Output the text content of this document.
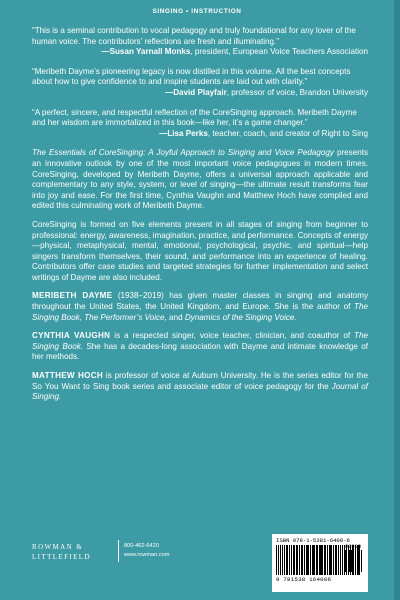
SINGING • INSTRUCTION
“This is a seminal contribution to vocal pedagogy and truly foundational for any lover of the human voice. The contributors’ reflections are fresh and illuminating.”
—Susan Yarnall Monks, president, European Voice Teachers Association
“Meribeth Dayme’s pioneering legacy is now distilled in this volume. All the best concepts about how to give confidence to and inspire students are laid out with clarity.”
—David Playfair, professor of voice, Brandon University
“A perfect, sincere, and respectful reflection of the CoreSinging approach. Meribeth Dayme and her wisdom are immortalized in this book—like her, it’s a game changer.”
—Lisa Perks, teacher, coach, and creator of Right to Sing

The Essentials of CoreSinging: A Joyful Approach to Singing and Voice Pedagogy presents an innovative outlook by one of the most important voice pedagogues in modern times. CoreSinging, developed by Meribeth Dayme, offers a universal approach applicable and complementary to any style, system, or level of singing—the ultimate result transforms fear into joy and ease. For the first time, Cynthia Vaughn and Matthew Hoch have compiled and edited this culminating work of Meribeth Dayme.

CoreSinging is formed on five elements present in all stages of singing from beginner to professional: energy, awareness, imagination, practice, and performance. Concepts of energy—physical, metaphysical, mental, emotional, psychological, psychic, and spiritual—help singers transform themselves, their sound, and performance into an experience of healing. Contributors offer case studies and targeted strategies for further implementation and select writings of Dayme are also included.

MERIBETH DAYME (1938–2019) has given master classes in singing and anatomy throughout the United States, the United Kingdom, and Europe. She is the author of The Singing Book, The Performer’s Voice, and Dynamics of the Singing Voice.

CYNTHIA VAUGHN is a respected singer, voice teacher, clinician, and coauthor of The Singing Book. She has a decades-long association with Dayme and intimate knowledge of her methods.

MATTHEW HOCH is professor of voice at Auburn University. He is the series editor for the So You Want to Sing book series and associate editor of voice pedagogy for the Journal of Singing.

ROWMAN &
LITTLEFIELD
800-462-6420
www.rowman.com
ISBN 978-1-5381-6400-6
9 781538 164006
90000
